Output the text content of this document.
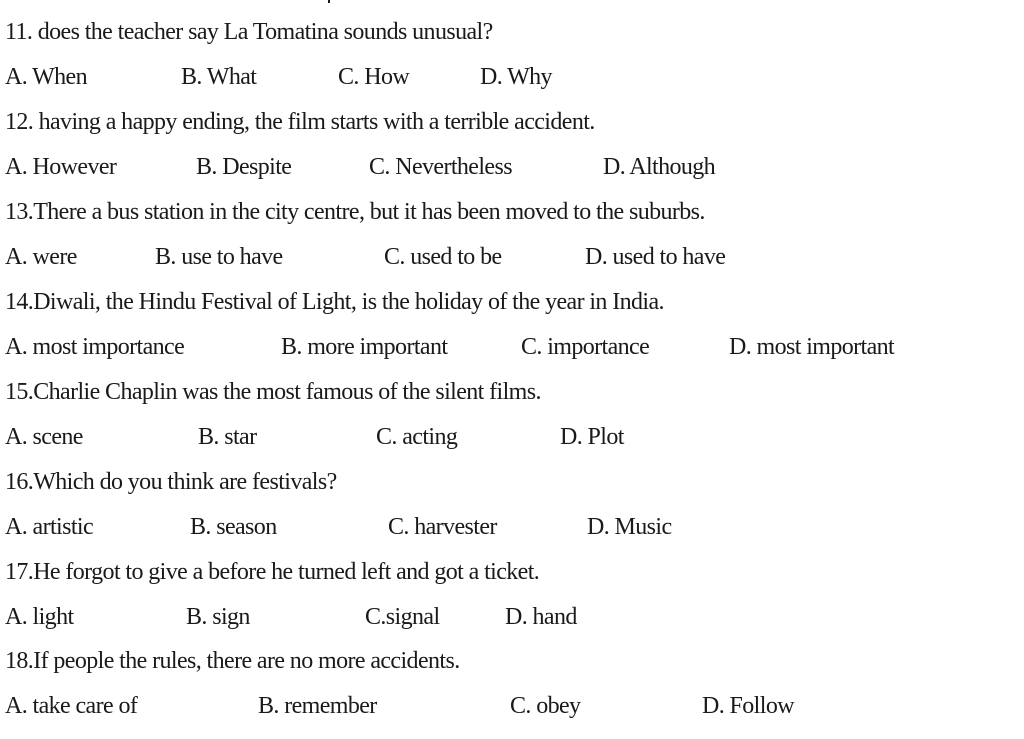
11. does the teacher say La Tomatina sounds unusual?
A. When	B. What	C. How	D. Why
12. having a happy ending, the film starts with a terrible accident.
A. However	B. Despite	C. Nevertheless	D. Although
13.There a bus station in the city centre, but it has been moved to the suburbs.
A. were	B. use to have	C. used to be	D. used to have
14.Diwali, the Hindu Festival of Light, is the holiday of the year in India.
A. most importance	B. more important	C. importance	D. most important
15.Charlie Chaplin was the most famous of the silent films.
A. scene	B. star	C. acting	D. Plot
16.Which do you think are festivals?
A. artistic	B. season	C. harvester	D. Music
17.He forgot to give a before he turned left and got a ticket.
A. light	B. sign	C.signal	D. hand
18.If people the rules, there are no more accidents.
A. take care of	B. remember	C. obey	D. Follow
